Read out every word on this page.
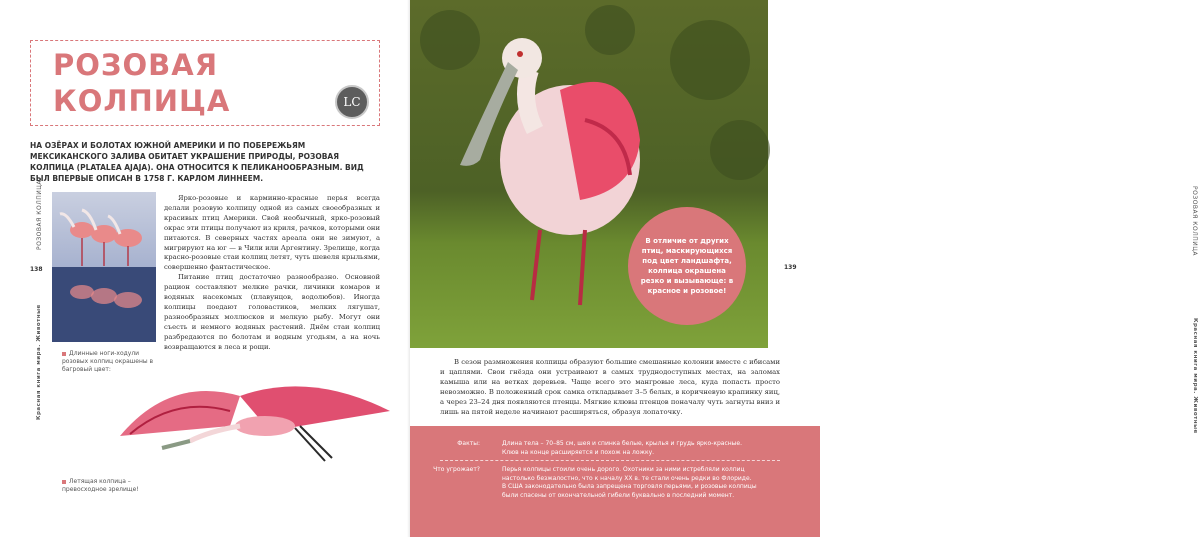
РОЗОВАЯ
КОЛПИЦА	LC
НА ОЗЁРАХ И БОЛОТАХ ЮЖНОЙ АМЕРИКИ И ПО ПОБЕРЕЖЬЯМ МЕКСИКАНСКОГО ЗАЛИВА ОБИТАЕТ УКРАШЕНИЕ ПРИРОДЫ, РОЗОВАЯ КОЛПИЦА (PLATALEA AJAJA). ОНА ОТНОСИТСЯ К ПЕЛИКАНООБРАЗНЫМ. ВИД БЫЛ ВПЕРВЫЕ ОПИСАН В 1758 Г. КАРЛОМ ЛИННЕЕМ.
РОЗОВАЯ КОЛПИЦА
138
Красная книга мира. Животные	Длинные ноги-ходули розовых колпиц окрашены в багровый цвет:

Ярко-розовые и карминно-красные перья всегда делали розовую колпицу одной из самых своеобразных и красивых птиц Америки. Свой необычный, ярко-розовый окрас эти птицы получают из криля, рачков, которыми они питаются. В северных частях ареала они не зимуют, а мигрируют на юг — в Чили или Аргентину. Зрелище, когда красно-розовые стаи колпиц летят, чуть шевеля крыльями, совершенно фантастическое.

Питание птиц достаточно разнообразно. Основной рацион составляют мелкие рачки, личинки комаров и водяных насекомых (плавунцов, водолюбов). Иногда колпицы поедают головастиков, мелких лягушат, разнообразных моллюсков и мелкую рыбу. Могут они съесть и немного водяных растений. Днём стаи колпиц разбредаются по болотам и водным угодьям, а на ночь возвращаются в леса и рощи.

Летящая колпица – превосходное зрелище!
В отличие от других птиц, маскирующихся под цвет ландшафта, колпица окрашена резко и вызывающе: в красное и розовое!
РОЗОВАЯ КОЛПИЦА
139
Красная книга мира. Животные

В сезон размножения колпицы образуют большие смешанные колонии вместе с ибисами и цаплями. Свои гнёзда они устраивают в самых труднодоступных местах, на заломах камыша или на ветках деревьев. Чаще всего это мангровые леса, куда попасть просто невозможно. В положенный срок самка откладывает 3–5 белых, в коричневую крапинку яиц, а через 23–24 дня появляются птенцы. Мягкие клювы птенцов поначалу чуть загнуты вниз и лишь на пятой неделе начинают расширяться, образуя лопаточку.

Факты:	Длина тела – 70–85 см, шея и спинка белые, крылья и грудь ярко-красные. Клюв на конце расширяется и похож на ложку.
Что угрожает?	Перья колпицы стоили очень дорого. Охотники за ними истребляли колпиц настолько безжалостно, что к началу XX в. те стали очень редки во Флориде. В США законодательно была запрещена торговля перьями, и розовые колпицы были спасены от окончательной гибели буквально в последний момент.
